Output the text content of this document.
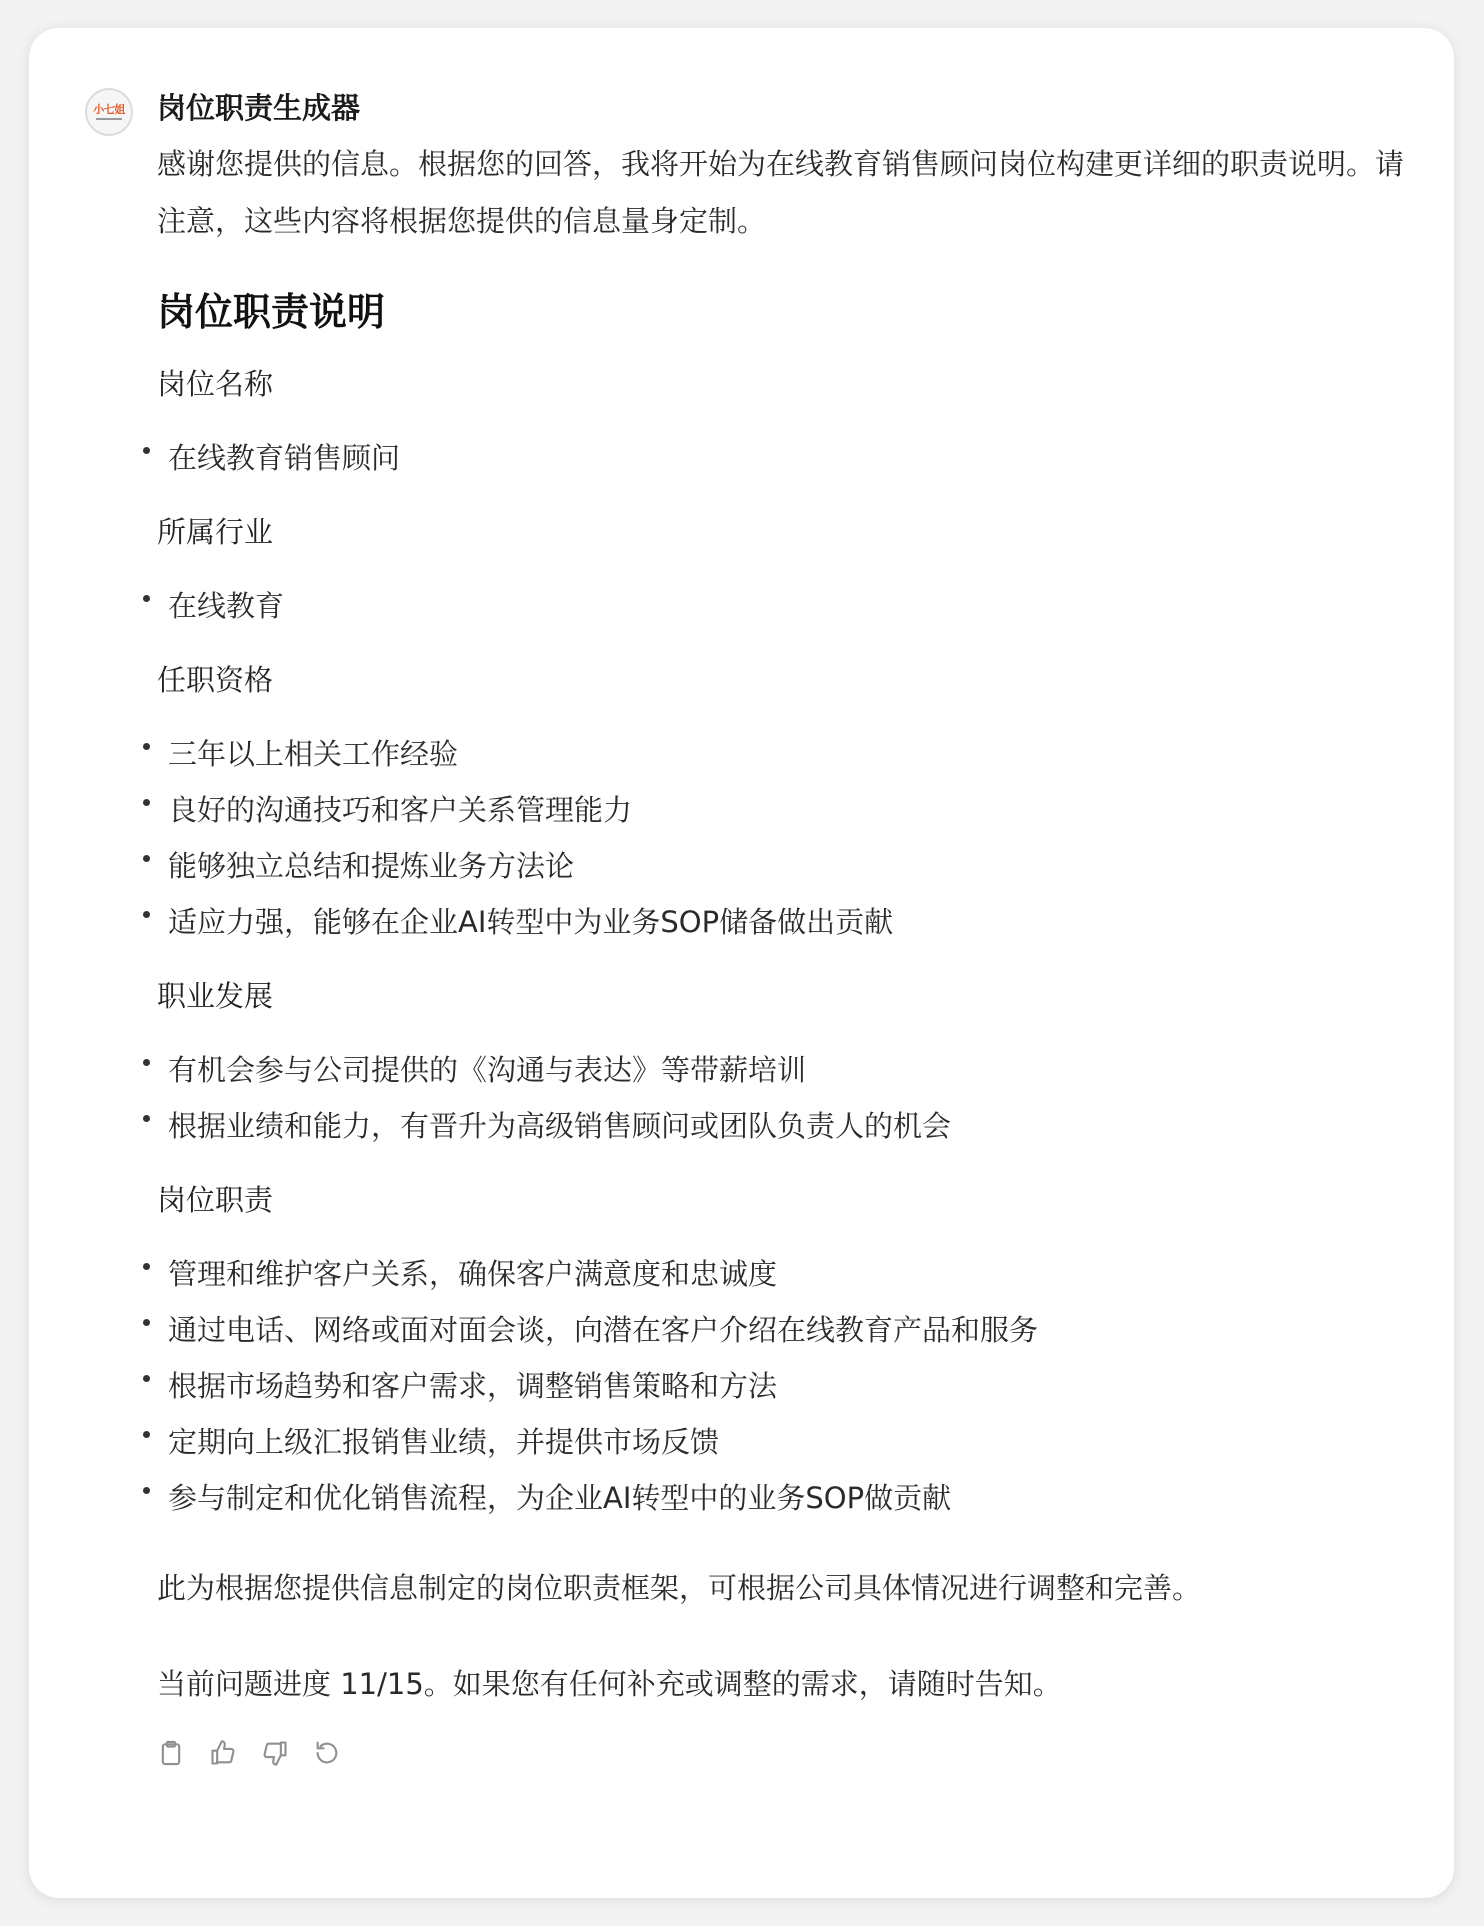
小七姐 岗位职责生成器
感谢您提供的信息。根据您的回答，我将开始为在线教育销售顾问岗位构建更详细的职责说明。请注意，这些内容将根据您提供的信息量身定制。
岗位职责说明
岗位名称
在线教育销售顾问
所属行业
在线教育
任职资格
三年以上相关工作经验
良好的沟通技巧和客户关系管理能力
能够独立总结和提炼业务方法论
适应力强，能够在企业AI转型中为业务SOP储备做出贡献
职业发展
有机会参与公司提供的《沟通与表达》等带薪培训
根据业绩和能力，有晋升为高级销售顾问或团队负责人的机会
岗位职责
管理和维护客户关系，确保客户满意度和忠诚度
通过电话、网络或面对面会谈，向潜在客户介绍在线教育产品和服务
根据市场趋势和客户需求，调整销售策略和方法
定期向上级汇报销售业绩，并提供市场反馈
参与制定和优化销售流程，为企业AI转型中的业务SOP做贡献
此为根据您提供信息制定的岗位职责框架，可根据公司具体情况进行调整和完善。
当前问题进度 11/15。如果您有任何补充或调整的需求，请随时告知。
